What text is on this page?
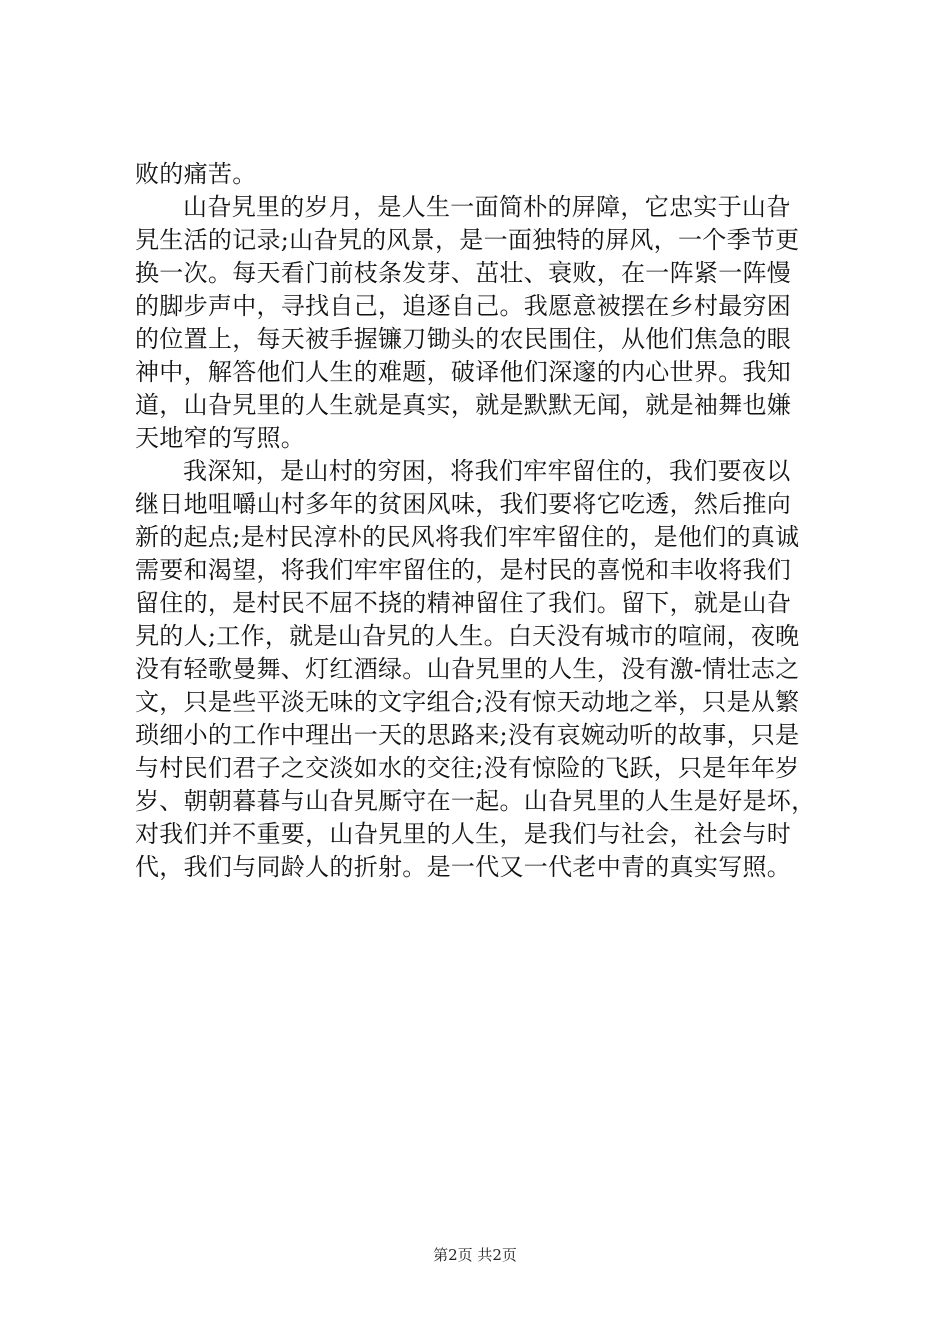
败的痛苦。
山旮旯里的岁月，是人生一面简朴的屏障，它忠实于山旮
旯生活的记录;山旮旯的风景，是一面独特的屏风，一个季节更
换一次。每天看门前枝条发芽、茁壮、衰败，在一阵紧一阵慢
的脚步声中，寻找自己，追逐自己。我愿意被摆在乡村最穷困
的位置上，每天被手握镰刀锄头的农民围住，从他们焦急的眼
神中，解答他们人生的难题，破译他们深邃的内心世界。我知
道，山旮旯里的人生就是真实，就是默默无闻，就是袖舞也嫌
天地窄的写照。
我深知，是山村的穷困，将我们牢牢留住的，我们要夜以
继日地咀嚼山村多年的贫困风味，我们要将它吃透，然后推向
新的起点;是村民淳朴的民风将我们牢牢留住的，是他们的真诚
需要和渴望，将我们牢牢留住的，是村民的喜悦和丰收将我们
留住的，是村民不屈不挠的精神留住了我们。留下，就是山旮
旯的人;工作，就是山旮旯的人生。白天没有城市的喧闹，夜晚
没有轻歌曼舞、灯红酒绿。山旮旯里的人生，没有激-情壮志之
文，只是些平淡无味的文字组合;没有惊天动地之举，只是从繁
琐细小的工作中理出一天的思路来;没有哀婉动听的故事，只是
与村民们君子之交淡如水的交往;没有惊险的飞跃，只是年年岁
岁、朝朝暮暮与山旮旯厮守在一起。山旮旯里的人生是好是坏，
对我们并不重要，山旮旯里的人生，是我们与社会，社会与时
代，我们与同龄人的折射。是一代又一代老中青的真实写照。
第2页 共2页
